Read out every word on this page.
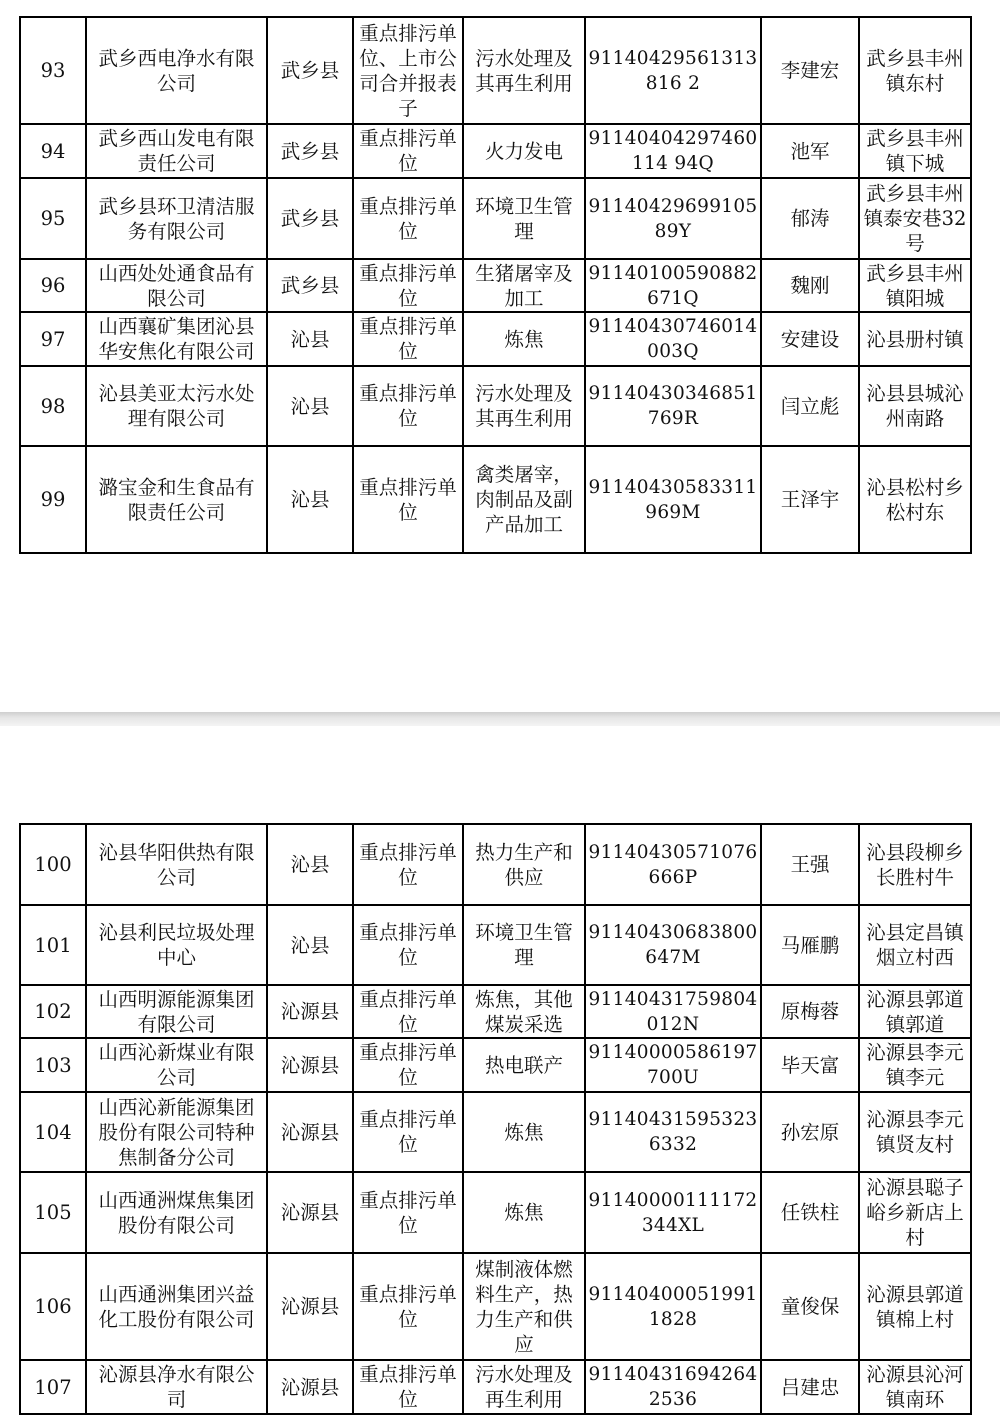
93	武乡西电净水有限公司	武乡县	重点排污单位、上市公司合并报表子	污水处理及其再生利用	91140429561313816 2	李建宏	武乡县丰州镇东村
94	武乡西山发电有限责任公司	武乡县	重点排污单位	火力发电	91140404297460114 94Q	池军	武乡县丰州镇下城
95	武乡县环卫清洁服务有限公司	武乡县	重点排污单位	环境卫生管理	91140429699105 89Y	郁涛	武乡县丰州镇泰安巷32号
96	山西处处通食品有限公司	武乡县	重点排污单位	生猪屠宰及加工	91140100590882671Q	魏刚	武乡县丰州镇阳城
97	山西襄矿集团沁县华安焦化有限公司	沁县	重点排污单位	炼焦	91140430746014003Q	安建设	沁县册村镇
98	沁县美亚太污水处理有限公司	沁县	重点排污单位	污水处理及其再生利用	91140430346851769R	闫立彪	沁县县城沁州南路
99	潞宝金和生食品有限责任公司	沁县	重点排污单位	禽类屠宰，肉制品及副产品加工	91140430583311969M	王泽宇	沁县松村乡松村东
100	沁县华阳供热有限公司	沁县	重点排污单位	热力生产和供应	91140430571076666P	王强	沁县段柳乡长胜村牛
101	沁县利民垃圾处理中心	沁县	重点排污单位	环境卫生管理	91140430683800647M	马雁鹏	沁县定昌镇烟立村西
102	山西明源能源集团有限公司	沁源县	重点排污单位	炼焦，其他煤炭采选	91140431759804012N	原梅蓉	沁源县郭道镇郭道
103	山西沁新煤业有限公司	沁源县	重点排污单位	热电联产	91140000586197700U	毕天富	沁源县李元镇李元
104	山西沁新能源集团股份有限公司特种焦制备分公司	沁源县	重点排污单位	炼焦	911404315953236332	孙宏原	沁源县李元镇贤友村
105	山西通洲煤焦集团股份有限公司	沁源县	重点排污单位	炼焦	91140000111172344XL	任铁柱	沁源县聪子峪乡新店上村
106	山西通洲集团兴益化工股份有限公司	沁源县	重点排污单位	煤制液体燃料生产，热力生产和供应	911404000519911828	童俊保	沁源县郭道镇棉上村
107	沁源县净水有限公司	沁源县	重点排污单位	污水处理及再生利用	911404316942642536	吕建忠	沁源县沁河镇南环
